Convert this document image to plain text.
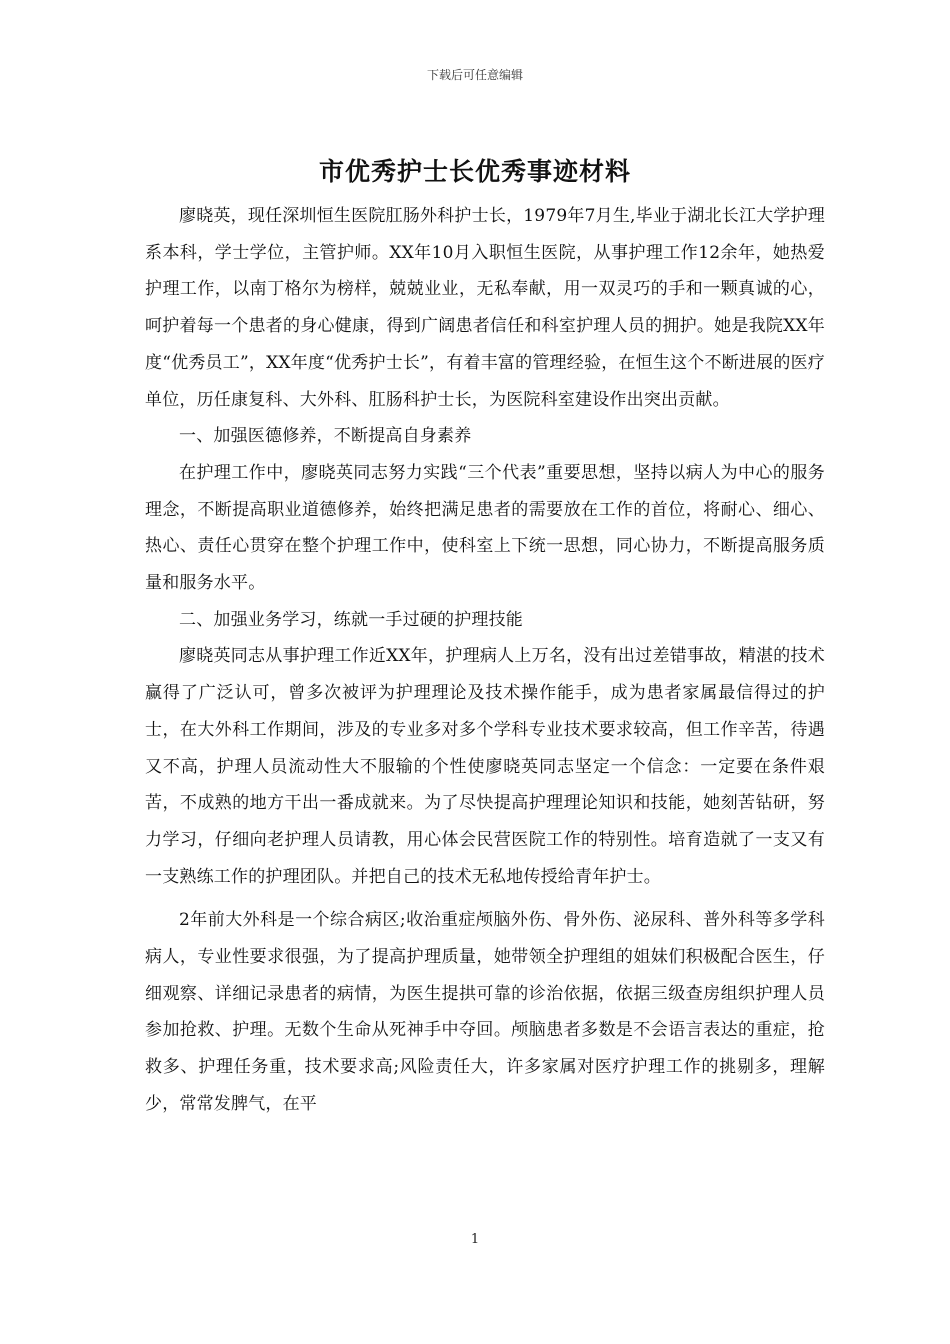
下载后可任意编辑
市优秀护士长优秀事迹材料

廖晓英，现任深圳恒生医院肛肠外科护士长，1979年7月生,毕业于湖北长江大学护理系本科，学士学位，主管护师。XX年10月入职恒生医院，从事护理工作12余年，她热爱护理工作，以南丁格尔为榜样，兢兢业业，无私奉献，用一双灵巧的手和一颗真诚的心，呵护着每一个患者的身心健康，得到广阔患者信任和科室护理人员的拥护。她是我院XX年度“优秀员工”，XX年度“优秀护士长”，有着丰富的管理经验，在恒生这个不断进展的医疗单位，历任康复科、大外科、肛肠科护士长，为医院科室建设作出突出贡献。

一、加强医德修养，不断提高自身素养

在护理工作中，廖晓英同志努力实践“三个代表”重要思想，坚持以病人为中心的服务理念，不断提高职业道德修养，始终把满足患者的需要放在工作的首位，将耐心、细心、热心、责任心贯穿在整个护理工作中，使科室上下统一思想，同心协力，不断提高服务质量和服务水平。

二、加强业务学习，练就一手过硬的护理技能

廖晓英同志从事护理工作近XX年，护理病人上万名，没有出过差错事故，精湛的技术赢得了广泛认可，曾多次被评为护理理论及技术操作能手，成为患者家属最信得过的护士，在大外科工作期间，涉及的专业多对多个学科专业技术要求较高，但工作辛苦，待遇又不高，护理人员流动性大不服输的个性使廖晓英同志坚定一个信念：一定要在条件艰苦，不成熟的地方干出一番成就来。为了尽快提高护理理论知识和技能，她刻苦钻研，努力学习，仔细向老护理人员请教，用心体会民营医院工作的特别性。培育造就了一支又有一支熟练工作的护理团队。并把自己的技术无私地传授给青年护士。

2年前大外科是一个综合病区;收治重症颅脑外伤、骨外伤、泌尿科、普外科等多学科病人，专业性要求很强，为了提高护理质量，她带领全护理组的姐妹们积极配合医生，仔细观察、详细记录患者的病情，为医生提拱可靠的诊治依据，依据三级查房组织护理人员参加抢救、护理。无数个生命从死神手中夺回。颅脑患者多数是不会语言表达的重症，抢救多、护理任务重，技术要求高;风险责任大，许多家属对医疗护理工作的挑剔多，理解少，常常发脾气，在平

1
